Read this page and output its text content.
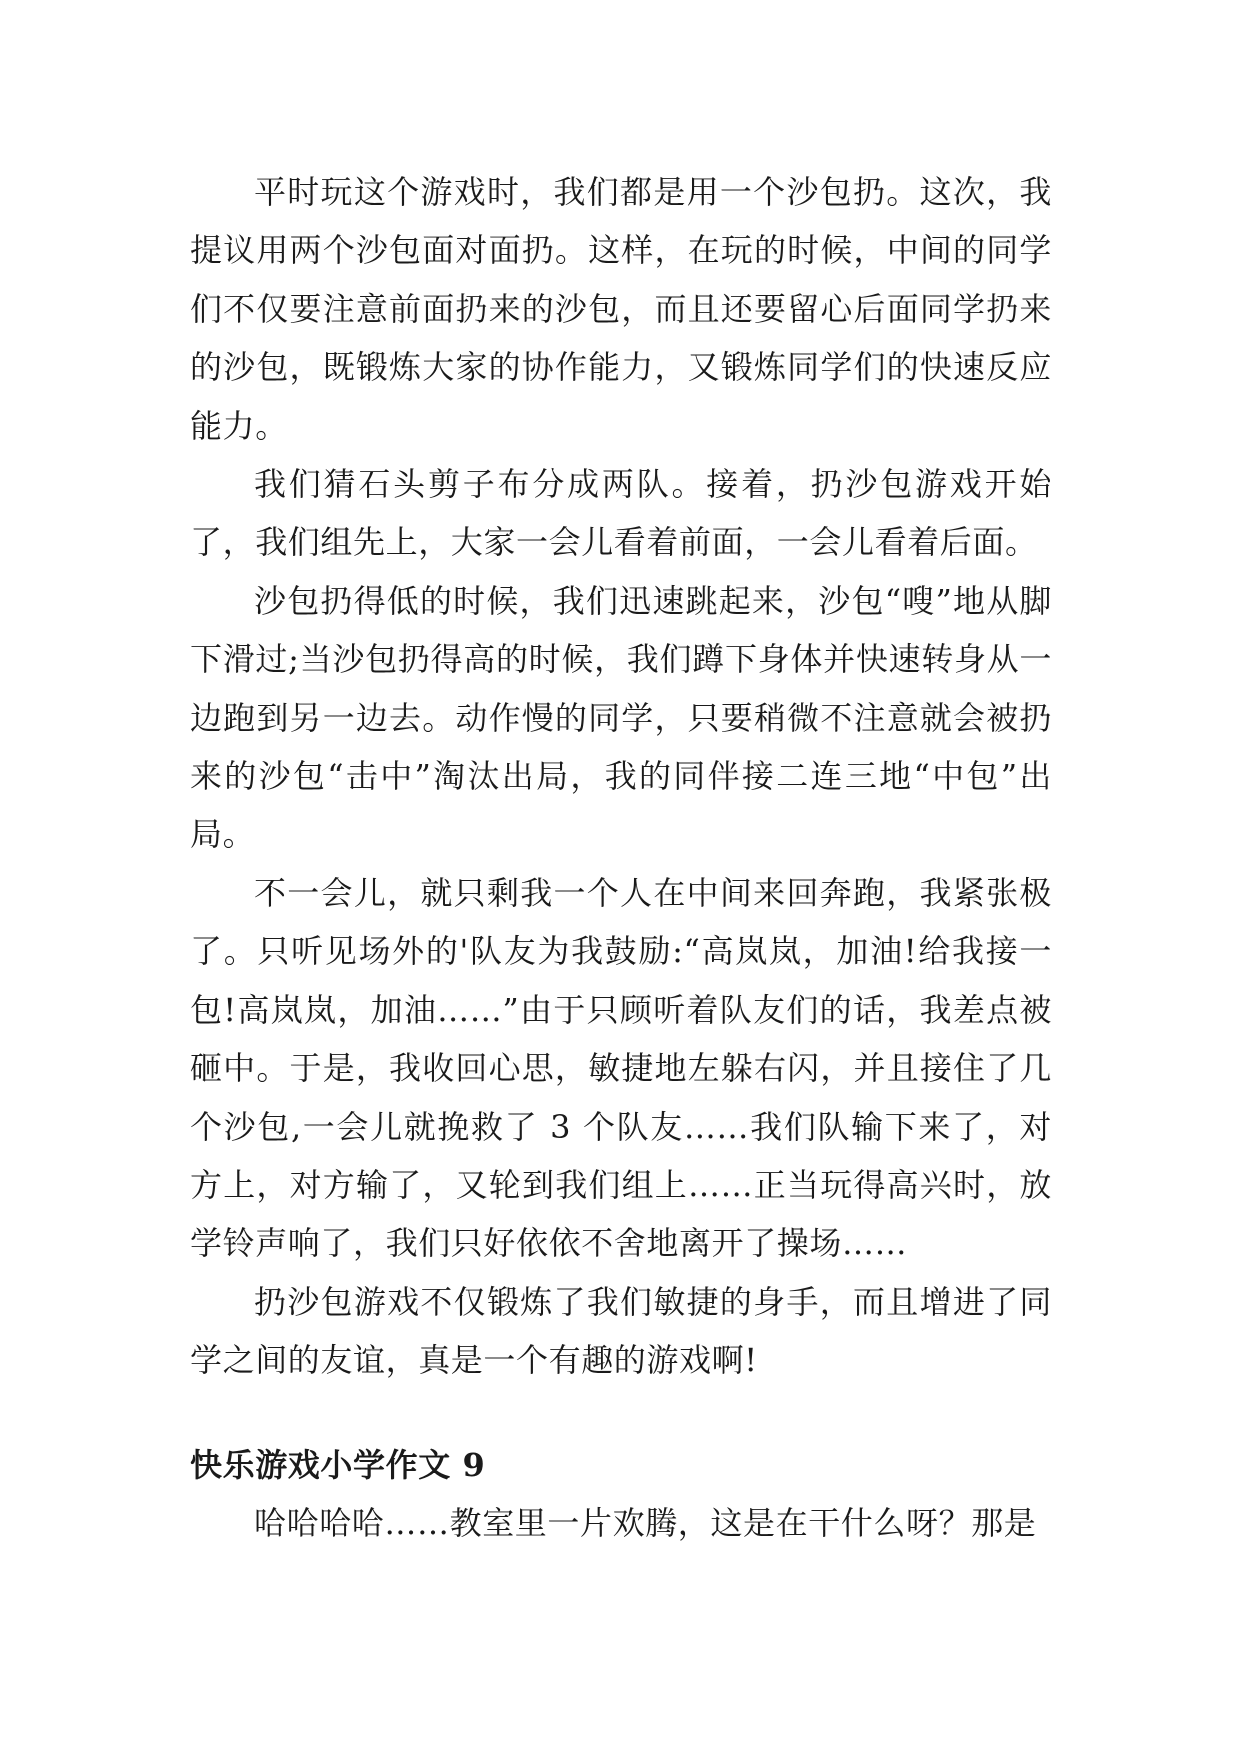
平时玩这个游戏时，我们都是用一个沙包扔。这次，我提议用两个沙包面对面扔。这样，在玩的时候，中间的同学们不仅要注意前面扔来的沙包，而且还要留心后面同学扔来的沙包，既锻炼大家的协作能力，又锻炼同学们的快速反应能力。

我们猜石头剪子布分成两队。接着，扔沙包游戏开始了，我们组先上，大家一会儿看着前面，一会儿看着后面。

沙包扔得低的时候，我们迅速跳起来，沙包“嗖”地从脚下滑过;当沙包扔得高的时候，我们蹲下身体并快速转身从一边跑到另一边去。动作慢的同学，只要稍微不注意就会被扔来的沙包“击中”淘汰出局，我的同伴接二连三地“中包”出局。

不一会儿，就只剩我一个人在中间来回奔跑，我紧张极了。只听见场外的'队友为我鼓励:“高岚岚，加油!给我接一包!高岚岚，加油……”由于只顾听着队友们的话，我差点被砸中。于是，我收回心思，敏捷地左躲右闪，并且接住了几个沙包,一会儿就挽救了 3 个队友……我们队输下来了，对方上，对方输了，又轮到我们组上……正当玩得高兴时，放学铃声响了，我们只好依依不舍地离开了操场……

扔沙包游戏不仅锻炼了我们敏捷的身手，而且增进了同学之间的友谊，真是一个有趣的游戏啊!

快乐游戏小学作文 9

哈哈哈哈……教室里一片欢腾，这是在干什么呀？那是
